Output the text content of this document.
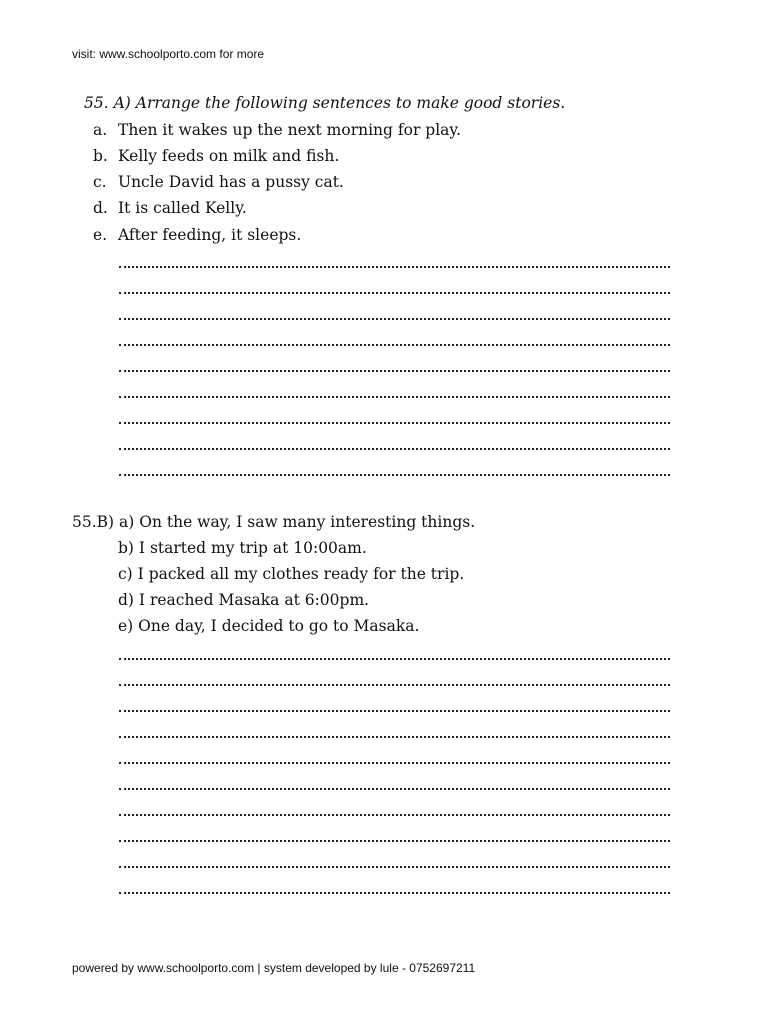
visit: www.schoolporto.com for more
55. A) Arrange the following sentences to make good stories.
a. Then it wakes up the next morning for play.
b. Kelly feeds on milk and fish.
c. Uncle David has a pussy cat.
d. It is called Kelly.
e. After feeding, it sleeps.
55.B) a) On the way, I saw many interesting things.
b) I started my trip at 10:00am.
c) I packed all my clothes ready for the trip.
d) I reached Masaka at 6:00pm.
e) One day, I decided to go to Masaka.
powered by www.schoolporto.com | system developed by lule - 0752697211
